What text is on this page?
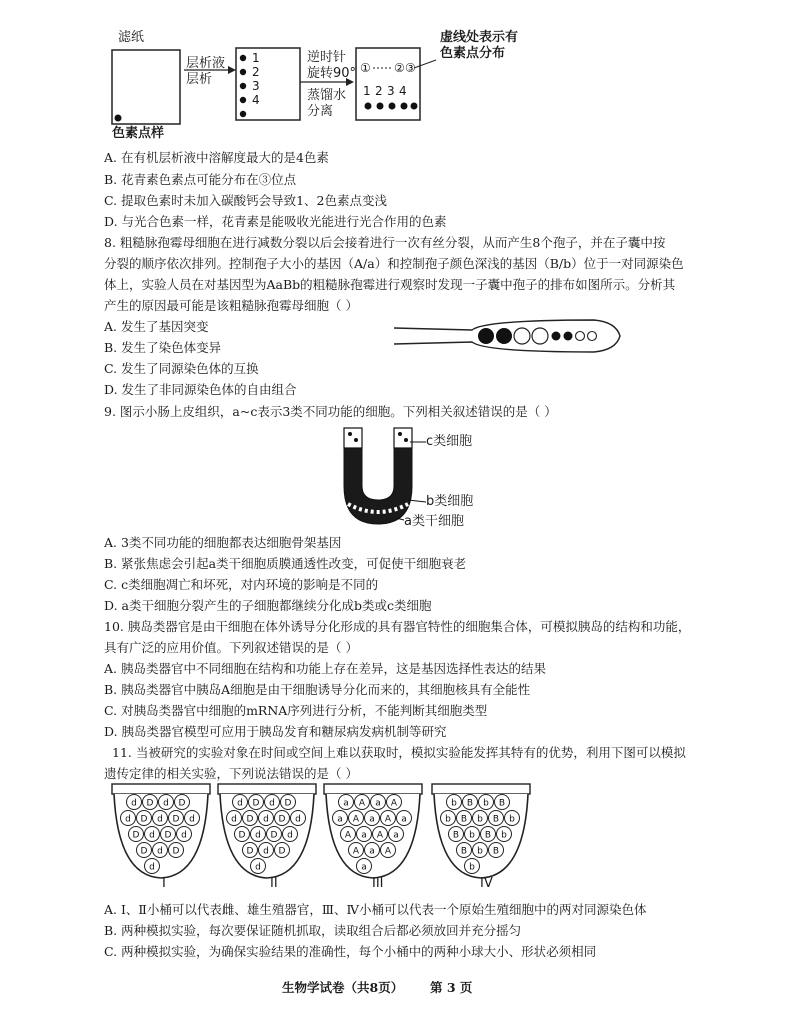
滤纸
色素点样
层析液
层析
逆时针
旋转90°
蒸馏水
分离
虚线处表示有
色素点分布
1
2
3
4
1 2 3 4
① ② ③
A. 在有机层析液中溶解度最大的是4色素
B. 花青素色素点可能分布在③位点
C. 提取色素时未加入碳酸钙会导致1、2色素点变浅
D. 与光合色素一样，花青素是能吸收光能进行光合作用的色素
8. 粗糙脉孢霉母细胞在进行减数分裂以后会接着进行一次有丝分裂，从而产生8个孢子，并在子囊中按
分裂的顺序依次排列。控制孢子大小的基因（A/a）和控制孢子颜色深浅的基因（B/b）位于一对同源染色
体上，实验人员在对基因型为AaBb的粗糙脉孢霉进行观察时发现一子囊中孢子的排布如图所示。分析其
产生的原因最可能是该粗糙脉孢霉母细胞（ ）
A. 发生了基因突变
B. 发生了染色体变异
C. 发生了同源染色体的互换
D. 发生了非同源染色体的自由组合
9. 图示小肠上皮组织，a~c表示3类不同功能的细胞。下列相关叙述错误的是（ ）
c类细胞
b类细胞
a类干细胞
A. 3类不同功能的细胞都表达细胞骨架基因
B. 紧张焦虑会引起a类干细胞质膜通透性改变，可促使干细胞衰老
C. c类细胞凋亡和坏死，对内环境的影响是不同的
D. a类干细胞分裂产生的子细胞都继续分化成b类或c类细胞
10. 胰岛类器官是由干细胞在体外诱导分化形成的具有器官特性的细胞集合体，可模拟胰岛的结构和功能，
具有广泛的应用价值。下列叙述错误的是（ ）
A. 胰岛类器官中不同细胞在结构和功能上存在差异，这是基因选择性表达的结果
B. 胰岛类器官中胰岛A细胞是由干细胞诱导分化而来的，其细胞核具有全能性
C. 对胰岛类器官中细胞的mRNA序列进行分析，不能判断其细胞类型
D. 胰岛类器官模型可应用于胰岛发育和糖尿病发病机制等研究
11. 当被研究的实验对象在时间或空间上难以获取时，模拟实验能发挥其特有的优势，利用下图可以模拟
遗传定律的相关实验，下列说法错误的是（ ）
d D d D
d D d D d
D d D d
D d D
d
d D d D
d D d D d
D d D d
D d D
d
a A a A
a A a A a
A a A a
A a A
a
b B b B
b B b B b
B b B b
B b B
b
I	II	III	IV
A. Ⅰ、Ⅱ小桶可以代表雌、雄生殖器官，Ⅲ、Ⅳ小桶可以代表一个原始生殖细胞中的两对同源染色体
B. 两种模拟实验，每次要保证随机抓取，读取组合后都必须放回并充分摇匀
C. 两种模拟实验，为确保实验结果的准确性，每个小桶中的两种小球大小、形状必须相同
生物学试卷（共8页） 第 3 页
